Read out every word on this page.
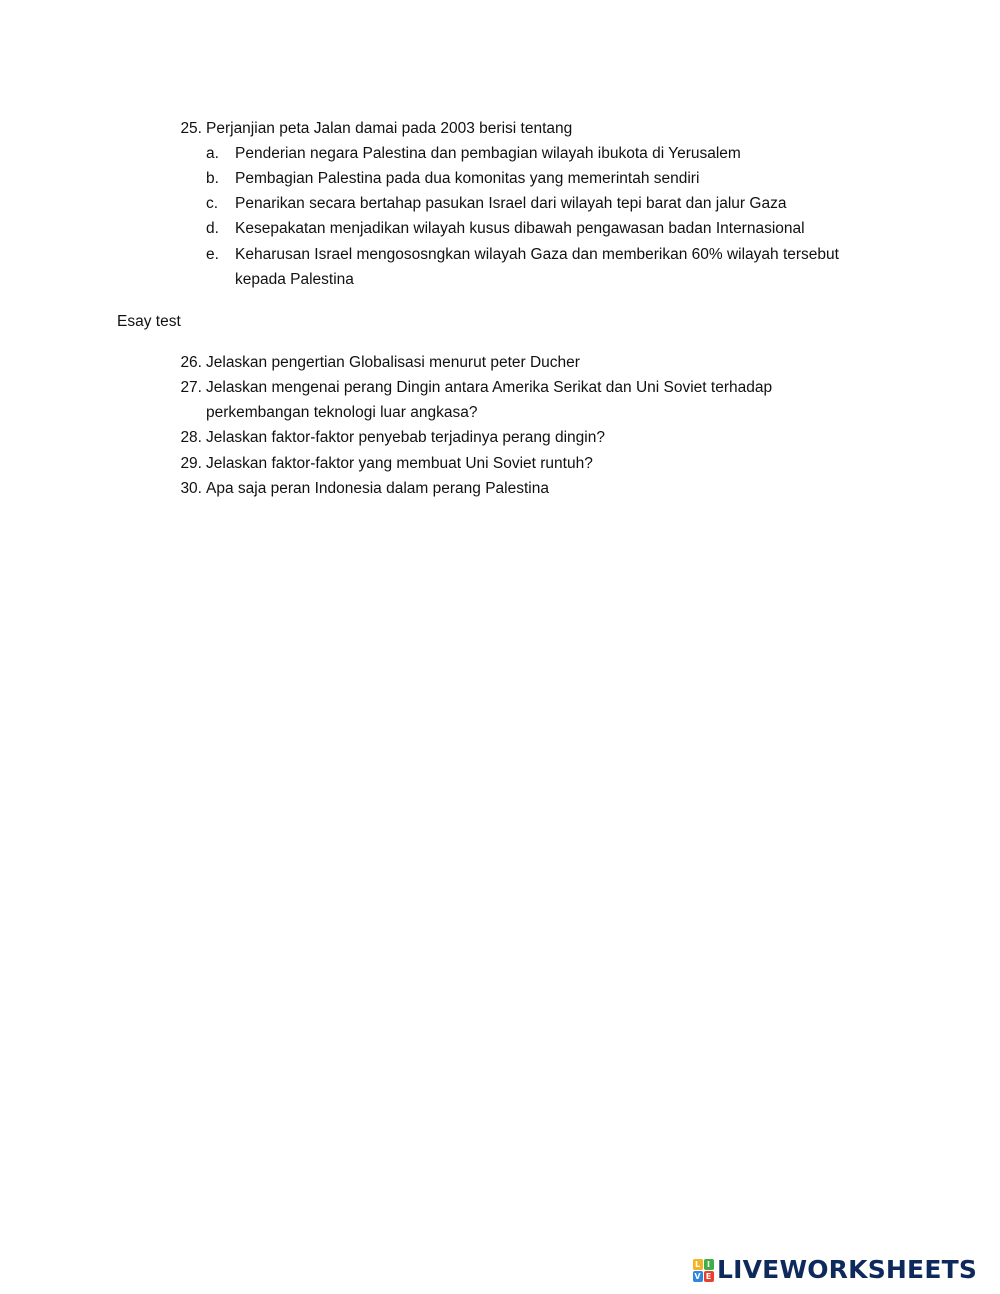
25. Perjanjian peta Jalan damai pada 2003 berisi tentang
a. Penderian negara Palestina dan pembagian wilayah ibukota di Yerusalem
b. Pembagian Palestina pada dua komonitas yang memerintah sendiri
c. Penarikan secara bertahap pasukan Israel dari wilayah tepi barat dan jalur Gaza
d. Kesepakatan menjadikan wilayah kusus dibawah pengawasan badan Internasional
e. Keharusan Israel mengososngkan wilayah Gaza dan memberikan 60% wilayah tersebut
kepada Palestina
Esay test
26. Jelaskan pengertian Globalisasi menurut peter Ducher
27. Jelaskan mengenai perang Dingin antara Amerika Serikat dan Uni Soviet terhadap
perkembangan teknologi luar angkasa?
28. Jelaskan faktor-faktor penyebab terjadinya perang dingin?
29. Jelaskan faktor-faktor yang membuat Uni Soviet runtuh?
30. Apa saja peran Indonesia dalam perang Palestina
L I
V E LIVEWORKSHEETS
